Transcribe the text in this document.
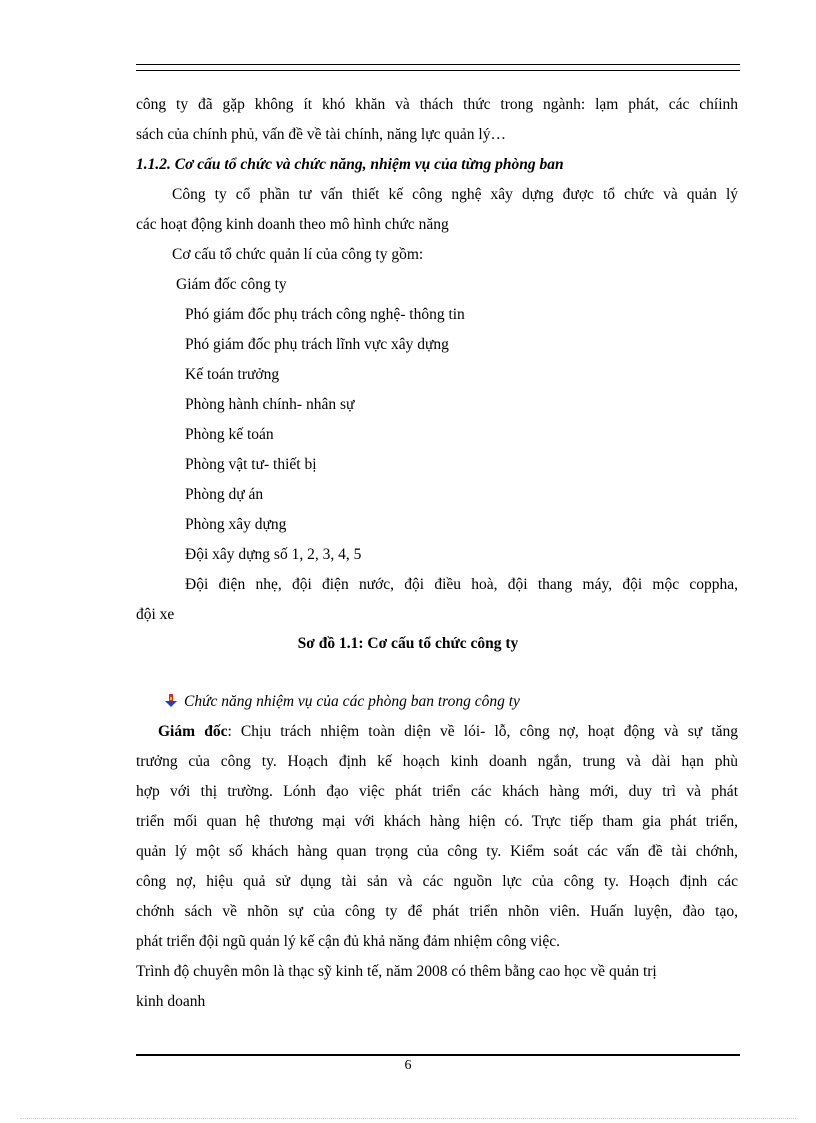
công ty đã gặp không ít khó khăn và thách thức trong ngành: lạm phát, các chíinh
sách của chính phủ, vấn đề về tài chính, năng lực quản lý…
1.1.2. Cơ cấu tổ chức và chức năng, nhiệm vụ của từng phòng ban
Công ty cổ phần tư vấn thiết kế công nghệ xây dựng được tổ chức và quản lý
các hoạt động kinh doanh theo mô hình chức năng
Cơ cấu tổ chức quản lí của công ty gồm:
Giám đốc công ty
Phó giám đốc phụ trách công nghệ- thông tin
Phó giám đốc phụ trách lĩnh vực xây dựng
Kế toán trưởng
Phòng hành chính- nhân sự
Phòng kế toán
Phòng vật tư- thiết bị
Phòng dự án
Phòng xây dựng
Đội xây dựng số 1, 2, 3, 4, 5
Đội điện nhẹ, đội điện nước, đội điều hoà, đội thang máy, đội mộc coppha,
đội xe
Sơ đồ 1.1: Cơ cấu tổ chức công ty
Chức năng nhiệm vụ của các phòng ban trong công ty
Giám đốc: Chịu trách nhiệm toàn diện về lói- lỗ, công nợ, hoạt động và sự tăng
trưởng của công ty. Hoạch định kế hoạch kinh doanh ngắn, trung và dài hạn phù
hợp với thị trường. Lónh đạo việc phát triển các khách hàng mới, duy trì và phát
triển mối quan hệ thương mại với khách hàng hiện có. Trực tiếp tham gia phát triển,
quản lý một số khách hàng quan trọng của công ty. Kiểm soát các vấn đề tài chớnh,
công nợ, hiệu quả sử dụng tài sản và các nguồn lực của công ty. Hoạch định các
chớnh sách về nhõn sự của công ty để phát triển nhõn viên. Huấn luyện, đào tạo,
phát triển đội ngũ quản lý kế cận đủ khả năng đảm nhiệm công việc.
Trình độ chuyên môn là thạc sỹ kinh tế, năm 2008 có thêm bằng cao học về quản trị
kinh doanh
6
